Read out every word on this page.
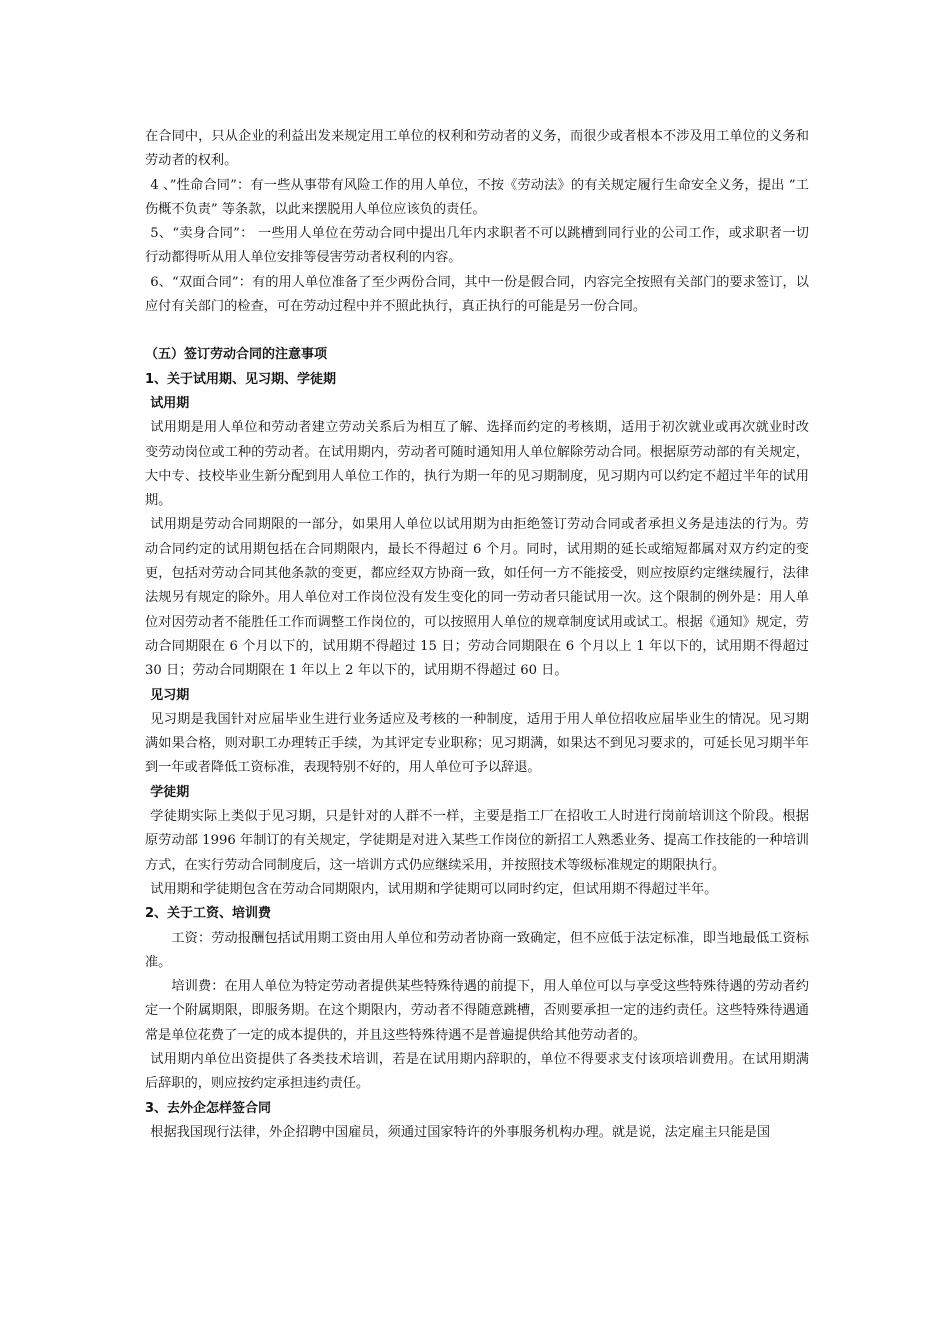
在合同中，只从企业的利益出发来规定用工单位的权利和劳动者的义务，而很少或者根本不涉及用工单位的义务和劳动者的权利。

4 、”性命合同”：有一些从事带有风险工作的用人单位，不按《劳动法》的有关规定履行生命安全义务，提出 ”工伤概不负责” 等条款，以此来摆脱用人单位应该负的责任。

5、“卖身合同”： 一些用人单位在劳动合同中提出几年内求职者不可以跳槽到同行业的公司工作，或求职者一切行动都得听从用人单位安排等侵害劳动者权利的内容。

6、“双面合同”：有的用人单位准备了至少两份合同，其中一份是假合同，内容完全按照有关部门的要求签订，以应付有关部门的检查，可在劳动过程中并不照此执行，真正执行的可能是另一份合同。

（五）签订劳动合同的注意事项

1、关于试用期、见习期、学徒期

试用期

试用期是用人单位和劳动者建立劳动关系后为相互了解、选择而约定的考核期，适用于初次就业或再次就业时改变劳动岗位或工种的劳动者。在试用期内，劳动者可随时通知用人单位解除劳动合同。根据原劳动部的有关规定，大中专、技校毕业生新分配到用人单位工作的，执行为期一年的见习期制度，见习期内可以约定不超过半年的试用期。

试用期是劳动合同期限的一部分，如果用人单位以试用期为由拒绝签订劳动合同或者承担义务是违法的行为。劳动合同约定的试用期包括在合同期限内，最长不得超过 6 个月。同时，试用期的延长或缩短都属对双方约定的变更，包括对劳动合同其他条款的变更，都应经双方协商一致，如任何一方不能接受，则应按原约定继续履行，法律法规另有规定的除外。用人单位对工作岗位没有发生变化的同一劳动者只能试用一次。这个限制的例外是：用人单位对因劳动者不能胜任工作而调整工作岗位的，可以按照用人单位的规章制度试用或试工。根据《通知》规定，劳动合同期限在 6 个月以下的，试用期不得超过 15 日；劳动合同期限在 6 个月以上 1 年以下的，试用期不得超过 30 日；劳动合同期限在 1 年以上 2 年以下的，试用期不得超过 60 日。

见习期

见习期是我国针对应届毕业生进行业务适应及考核的一种制度，适用于用人单位招收应届毕业生的情况。见习期满如果合格，则对职工办理转正手续，为其评定专业职称；见习期满，如果达不到见习要求的，可延长见习期半年到一年或者降低工资标准，表现特别不好的，用人单位可予以辞退。

学徒期

学徒期实际上类似于见习期，只是针对的人群不一样，主要是指工厂在招收工人时进行岗前培训这个阶段。根据原劳动部 1996 年制订的有关规定，学徒期是对进入某些工作岗位的新招工人熟悉业务、提高工作技能的一种培训方式，在实行劳动合同制度后，这一培训方式仍应继续采用，并按照技术等级标准规定的期限执行。

试用期和学徒期包含在劳动合同期限内，试用期和学徒期可以同时约定，但试用期不得超过半年。

2、关于工资、培训费

工资：劳动报酬包括试用期工资由用人单位和劳动者协商一致确定，但不应低于法定标准，即当地最低工资标准。

培训费：在用人单位为特定劳动者提供某些特殊待遇的前提下，用人单位可以与享受这些特殊待遇的劳动者约定一个附属期限，即服务期。在这个期限内，劳动者不得随意跳槽，否则要承担一定的违约责任。这些特殊待遇通常是单位花费了一定的成本提供的，并且这些特殊待遇不是普遍提供给其他劳动者的。

试用期内单位出资提供了各类技术培训，若是在试用期内辞职的，单位不得要求支付该项培训费用。在试用期满后辞职的，则应按约定承担违约责任。

3、去外企怎样签合同

根据我国现行法律，外企招聘中国雇员，须通过国家特许的外事服务机构办理。就是说，法定雇主只能是国
